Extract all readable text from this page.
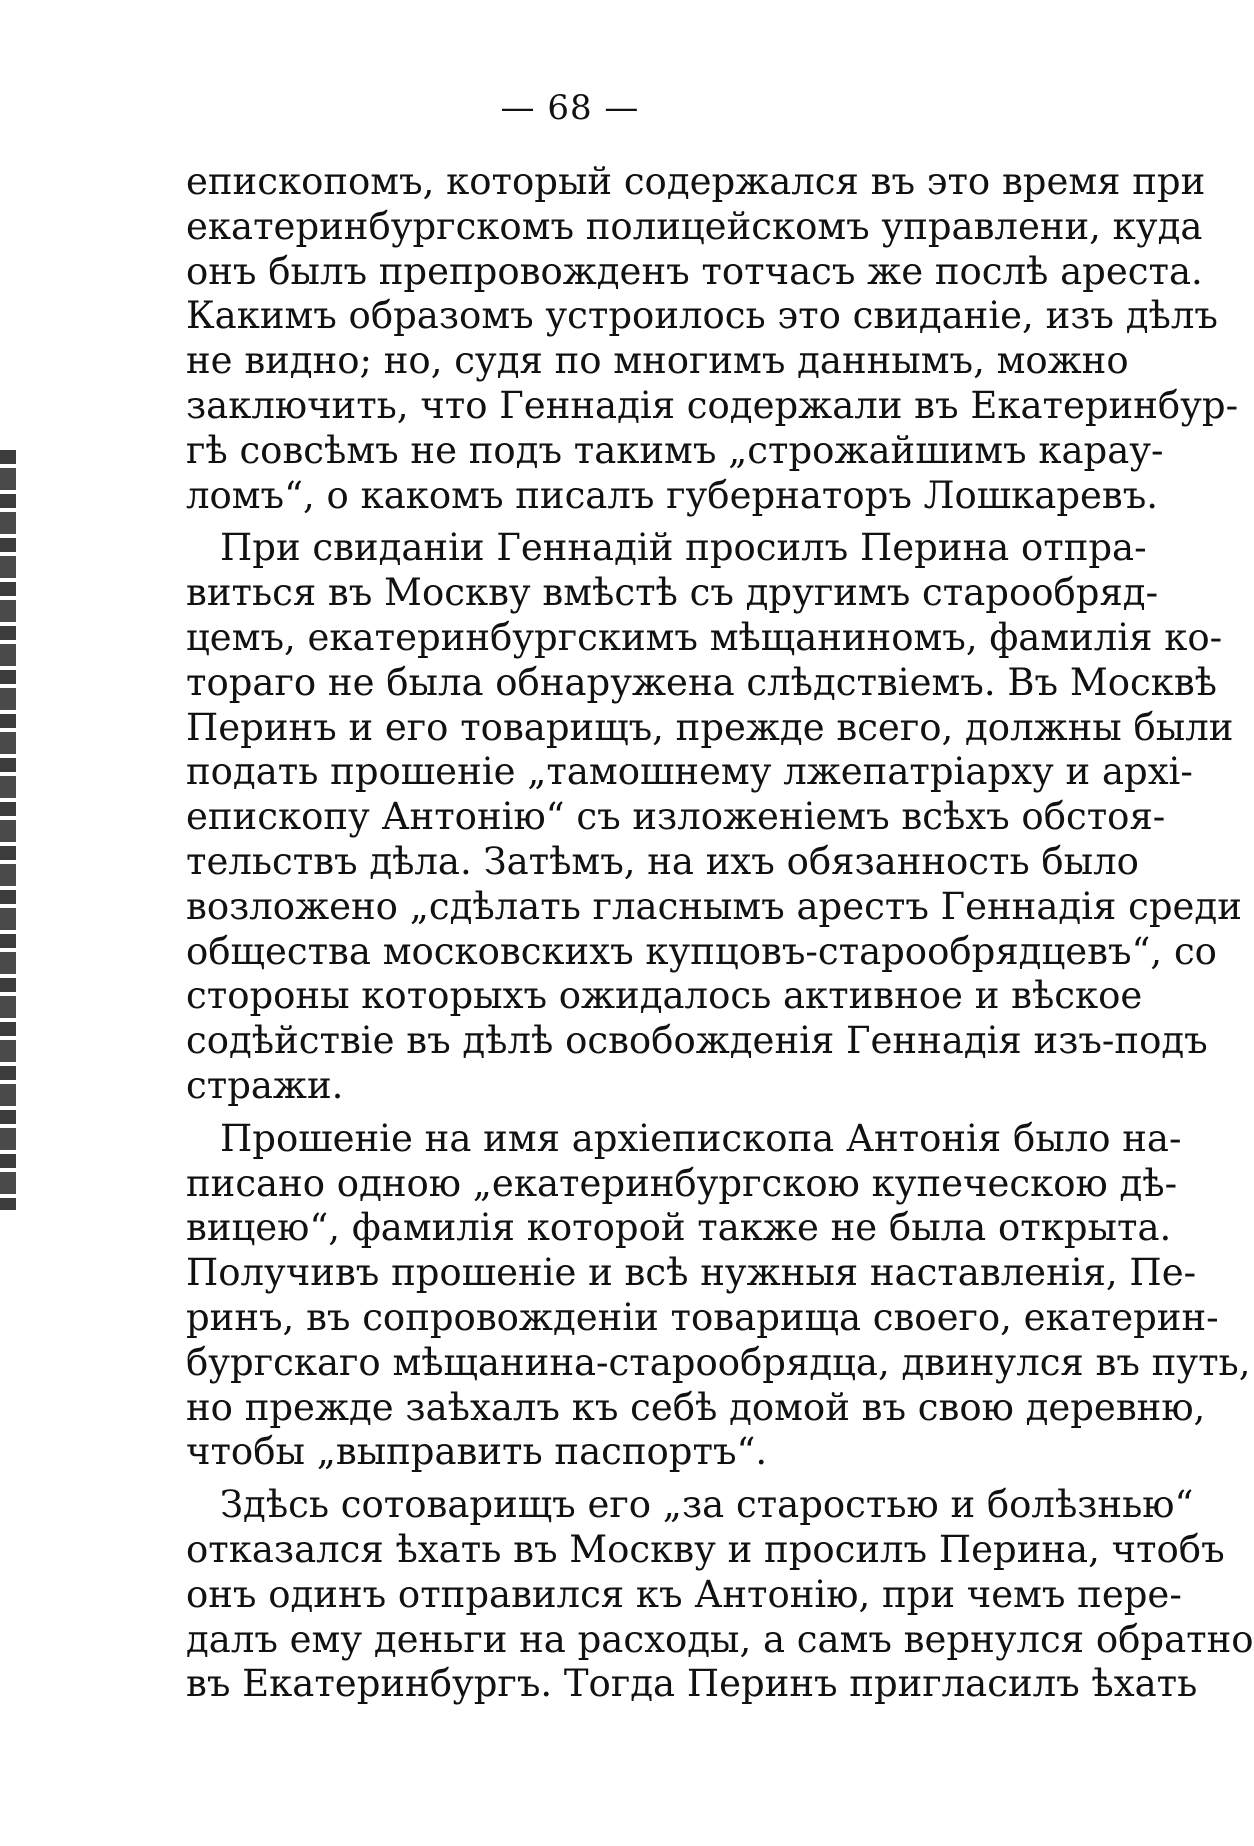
— 68 —
епископомъ, который содержался въ это время при
екатеринбургскомъ полицейскомъ управлени, куда
онъ былъ препровожденъ тотчасъ же послѣ ареста.
Какимъ образомъ устроилось это свиданіе, изъ дѣлъ
не видно; но, судя по многимъ даннымъ, можно
заключить, что Геннадія содержали въ Екатеринбур-
гѣ совсѣмъ не подъ такимъ „строжайшимъ карау-
ломъ“, о какомъ писалъ губернаторъ Лошкаревъ.
При свиданіи Геннадій просилъ Перина отпра-
виться въ Москву вмѣстѣ съ другимъ старообряд-
цемъ, екатеринбургскимъ мѣщаниномъ, фамилія ко-
тораго не была обнаружена слѣдствіемъ. Въ Москвѣ
Перинъ и его товарищъ, прежде всего, должны были
подать прошеніе „тамошнему лжепатріарху и архі-
епископу Антонію“ съ изложеніемъ всѣхъ обстоя-
тельствъ дѣла. Затѣмъ, на ихъ обязанность было
возложено „сдѣлать гласнымъ арестъ Геннадія среди
общества московскихъ купцовъ-старообрядцевъ“, со
стороны которыхъ ожидалось активное и вѣское
содѣйствіе въ дѣлѣ освобожденія Геннадія изъ-подъ
стражи.
Прошеніе на имя архіепископа Антонія было на-
писано одною „екатеринбургскою купеческою дѣ-
вицею“, фамилія которой также не была открыта.
Получивъ прошеніе и всѣ нужныя наставленія, Пе-
ринъ, въ сопровожденіи товарища своего, екатерин-
бургскаго мѣщанина-старообрядца, двинулся въ путь,
но прежде заѣхалъ къ себѣ домой въ свою деревню,
чтобы „выправить паспортъ“.
Здѣсь сотоварищъ его „за старостью и болѣзнью“
отказался ѣхать въ Москву и просилъ Перина, чтобъ
онъ одинъ отправился къ Антонію, при чемъ пере-
далъ ему деньги на расходы, а самъ вернулся обратно
въ Екатеринбургъ. Тогда Перинъ пригласилъ ѣхать
